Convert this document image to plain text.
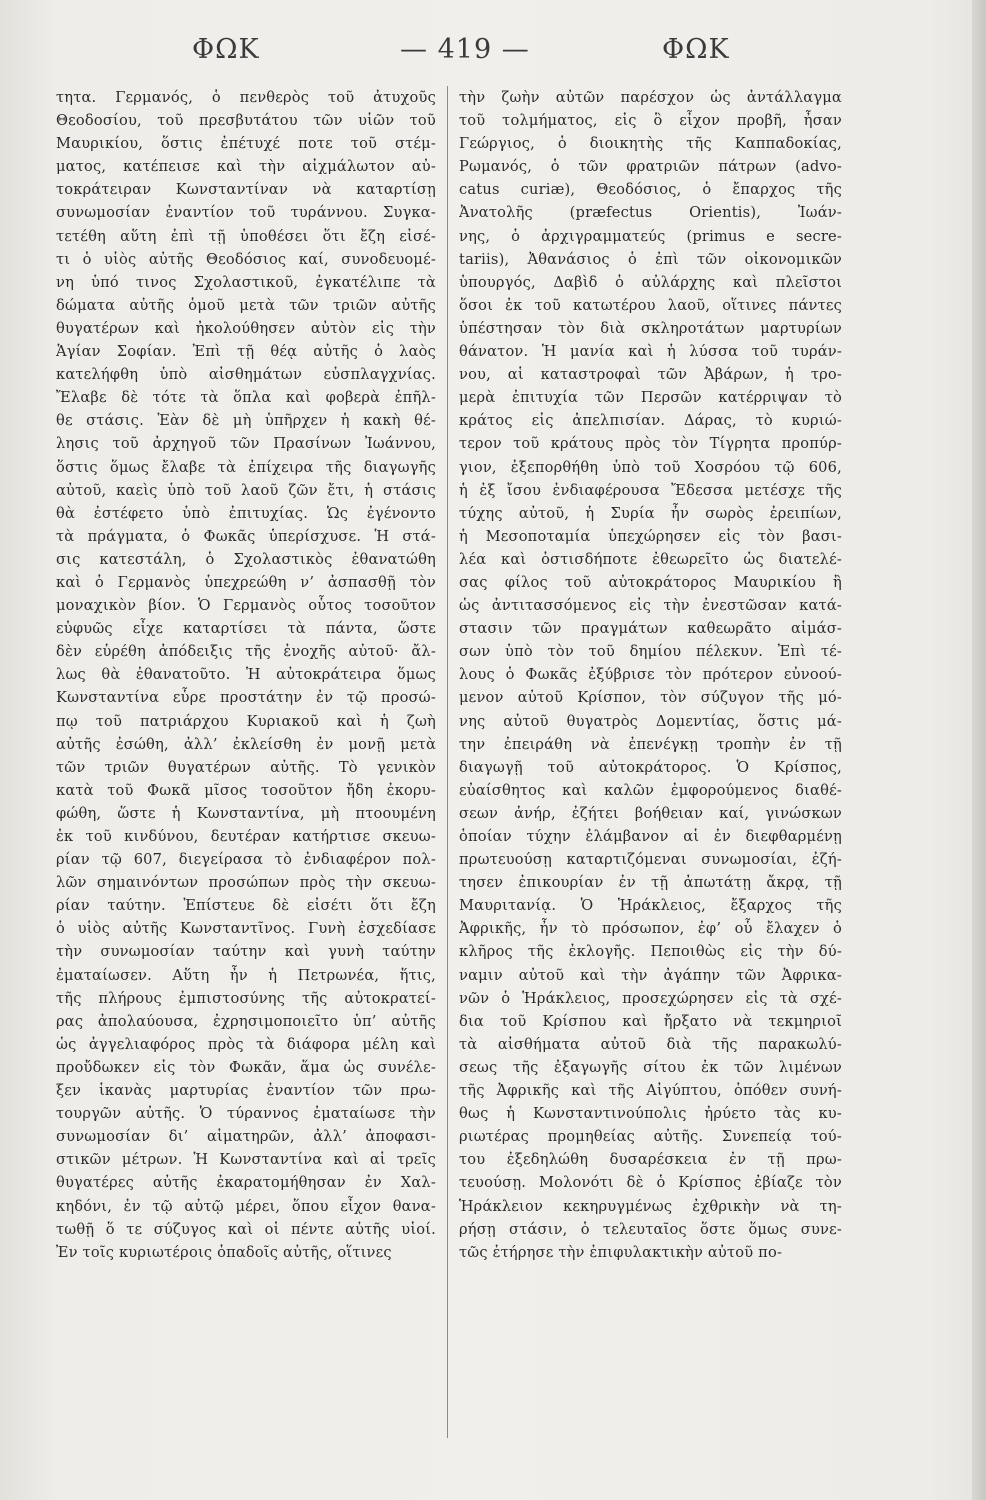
ΦΩΚ	— 419 —	ΦΩΚ
τητα. Γερμανός, ὁ πενθερὸς τοῦ ἀτυχοῦς
Θεοδοσίου, τοῦ πρεσβυτάτου τῶν υἱῶν τοῦ
Μαυρικίου, ὅστις ἐπέτυχέ ποτε τοῦ στέμ-
ματος, κατέπεισε καὶ τὴν αἰχμάλωτον αὐ-
τοκράτειραν Κωνσταντίναν νὰ καταρτίσῃ
συνωμοσίαν ἐναντίον τοῦ τυράννου. Συγκα-
τετέθη αὕτη ἐπὶ τῇ ὑποθέσει ὅτι ἔζη εἰσέ-
τι ὁ υἱὸς αὐτῆς Θεοδόσιος καί, συνοδευομέ-
νη ὑπό τινος Σχολαστικοῦ, ἐγκατέλιπε τὰ
δώματα αὐτῆς ὁμοῦ μετὰ τῶν τριῶν αὐτῆς
θυγατέρων καὶ ἠκολούθησεν αὐτὸν εἰς τὴν
Ἁγίαν Σοφίαν. Ἐπὶ τῇ θέᾳ αὐτῆς ὁ λαὸς
κατελήφθη ὑπὸ αἰσθημάτων εὐσπλαγχνίας.
Ἔλαβε δὲ τότε τὰ ὅπλα καὶ φοβερὰ ἐπῆλ-
θε στάσις. Ἐὰν δὲ μὴ ὑπῆρχεν ἡ κακὴ θέ-
λησις τοῦ ἀρχηγοῦ τῶν Πρασίνων Ἰωάννου,
ὅστις ὅμως ἔλαβε τὰ ἐπίχειρα τῆς διαγωγῆς
αὐτοῦ, καεὶς ὑπὸ τοῦ λαοῦ ζῶν ἔτι, ἡ στάσις
θὰ ἐστέφετο ὑπὸ ἐπιτυχίας. Ὡς ἐγένοντο
τὰ πράγματα, ὁ Φωκᾶς ὑπερίσχυσε. Ἡ στά-
σις κατεστάλη, ὁ Σχολαστικὸς ἐθανατώθη
καὶ ὁ Γερμανὸς ὑπεχρεώθη ν’ ἀσπασθῇ τὸν
μοναχικὸν βίον. Ὁ Γερμανὸς οὗτος τοσοῦτον
εὐφυῶς εἶχε καταρτίσει τὰ πάντα, ὥστε
δὲν εὑρέθη ἀπόδειξις τῆς ἐνοχῆς αὐτοῦ· ἄλ-
λως θὰ ἐθανατοῦτο. Ἡ αὐτοκράτειρα ὅμως
Κωνσταντίνα εὗρε προστάτην ἐν τῷ προσώ-
πῳ τοῦ πατριάρχου Κυριακοῦ καὶ ἡ ζωὴ
αὐτῆς ἐσώθη, ἀλλ’ ἐκλείσθη ἐν μονῇ μετὰ
τῶν τριῶν θυγατέρων αὐτῆς. Τὸ γενικὸν
κατὰ τοῦ Φωκᾶ μῖσος τοσοῦτον ἤδη ἐκορυ-
φώθη, ὥστε ἡ Κωνσταντίνα, μὴ πτοουμένη
ἐκ τοῦ κινδύνου, δευτέραν κατήρτισε σκευω-
ρίαν τῷ 607, διεγείρασα τὸ ἐνδιαφέρον πολ-
λῶν σημαινόντων προσώπων πρὸς τὴν σκευω-
ρίαν ταύτην. Ἐπίστευε δὲ εἰσέτι ὅτι ἔζη
ὁ υἱὸς αὐτῆς Κωνσταντῖνος. Γυνὴ ἐσχεδίασε
τὴν συνωμοσίαν ταύτην καὶ γυνὴ ταύτην
ἐματαίωσεν. Αὕτη ἦν ἡ Πετρωνέα, ἥτις,
τῆς πλήρους ἐμπιστοσύνης τῆς αὐτοκρατεί-
ρας ἀπολαύουσα, ἐχρησιμοποιεῖτο ὑπ’ αὐτῆς
ὡς ἀγγελιαφόρος πρὸς τὰ διάφορα μέλη καὶ
προὔδωκεν εἰς τὸν Φωκᾶν, ἅμα ὡς συνέλε-
ξεν ἱκανὰς μαρτυρίας ἐναντίον τῶν πρω-
τουργῶν αὐτῆς. Ὁ τύραννος ἐματαίωσε τὴν
συνωμοσίαν δι’ αἱματηρῶν, ἀλλ’ ἀποφασι-
στικῶν μέτρων. Ἡ Κωνσταντίνα καὶ αἱ τρεῖς
θυγατέρες αὐτῆς ἐκαρατομήθησαν ἐν Χαλ-
κηδόνι, ἐν τῷ αὐτῷ μέρει, ὅπου εἶχον θανα-
τωθῇ ὅ τε σύζυγος καὶ οἱ πέντε αὐτῆς υἱοί.
Ἐν τοῖς κυριωτέροις ὀπαδοῖς αὐτῆς, οἵτινες
τὴν ζωὴν αὐτῶν παρέσχον ὡς ἀντάλλαγμα
τοῦ τολμήματος, εἰς ὃ εἶχον προβῆ, ἦσαν
Γεώργιος, ὁ διοικητὴς τῆς Καππαδοκίας,
Ρωμανός, ὁ τῶν φρατριῶν πάτρων (advo-
catus curiæ), Θεοδόσιος, ὁ ἔπαρχος τῆς
Ἀνατολῆς (præfectus Orientis), Ἰωάν-
νης, ὁ ἀρχιγραμματεύς (primus e secre-
tariis), Ἀθανάσιος ὁ ἐπὶ τῶν οἰκονομικῶν
ὑπουργός, Δαβὶδ ὁ αὐλάρχης καὶ πλεῖστοι
ὅσοι ἐκ τοῦ κατωτέρου λαοῦ, οἵτινες πάντες
ὑπέστησαν τὸν διὰ σκληροτάτων μαρτυρίων
θάνατον. Ἡ μανία καὶ ἡ λύσσα τοῦ τυράν-
νου, αἱ καταστροφαὶ τῶν Ἀβάρων, ἡ τρο-
μερὰ ἐπιτυχία τῶν Περσῶν κατέρριψαν τὸ
κράτος εἰς ἀπελπισίαν. Δάρας, τὸ κυριώ-
τερον τοῦ κράτους πρὸς τὸν Τίγρητα προπύρ-
γιον, ἐξεπορθήθη ὑπὸ τοῦ Χοσρόου τῷ 606,
ἡ ἐξ ἴσου ἐνδιαφέρουσα Ἔδεσσα μετέσχε τῆς
τύχης αὐτοῦ, ἡ Συρία ἦν σωρὸς ἐρειπίων,
ἡ Μεσοποταμία ὑπεχώρησεν εἰς τὸν βασι-
λέα καὶ ὁστισδήποτε ἐθεωρεῖτο ὡς διατελέ-
σας φίλος τοῦ αὐτοκράτορος Μαυρικίου ἢ
ὡς ἀντιτασσόμενος εἰς τὴν ἐνεστῶσαν κατά-
στασιν τῶν πραγμάτων καθεωρᾶτο αἱμάσ-
σων ὑπὸ τὸν τοῦ δημίου πέλεκυν. Ἐπὶ τέ-
λους ὁ Φωκᾶς ἐξύβρισε τὸν πρότερον εὐνοού-
μενον αὐτοῦ Κρίσπον, τὸν σύζυγον τῆς μό-
νης αὐτοῦ θυγατρὸς Δομεντίας, ὅστις μά-
την ἐπειράθη νὰ ἐπενέγκῃ τροπὴν ἐν τῇ
διαγωγῇ τοῦ αὐτοκράτορος. Ὁ Κρίσπος,
εὐαίσθητος καὶ καλῶν ἐμφορούμενος διαθέ-
σεων ἀνήρ, ἐζήτει βοήθειαν καί, γινώσκων
ὁποίαν τύχην ἐλάμβανον αἱ ἐν διεφθαρμένῃ
πρωτευούσῃ καταρτιζόμεναι συνωμοσίαι, ἐζή-
τησεν ἐπικουρίαν ἐν τῇ ἀπωτάτῃ ἄκρᾳ, τῇ
Μαυριτανίᾳ. Ὁ Ἡράκλειος, ἔξαρχος τῆς
Ἀφρικῆς, ἦν τὸ πρόσωπον, ἐφ’ οὗ ἔλαχεν ὁ
κλῆρος τῆς ἐκλογῆς. Πεποιθὼς εἰς τὴν δύ-
ναμιν αὐτοῦ καὶ τὴν ἀγάπην τῶν Ἀφρικα-
νῶν ὁ Ἡράκλειος, προσεχώρησεν εἰς τὰ σχέ-
δια τοῦ Κρίσπου καὶ ἤρξατο νὰ τεκμηριοῖ
τὰ αἰσθήματα αὐτοῦ διὰ τῆς παρακωλύ-
σεως τῆς ἐξαγωγῆς σίτου ἐκ τῶν λιμένων
τῆς Ἀφρικῆς καὶ τῆς Αἰγύπτου, ὁπόθεν συνή-
θως ἡ Κωνσταντινούπολις ἠρύετο τὰς κυ-
ριωτέρας προμηθείας αὐτῆς. Συνεπείᾳ τού-
του ἐξεδηλώθη δυσαρέσκεια ἐν τῇ πρω-
τευούσῃ. Μολονότι δὲ ὁ Κρίσπος ἐβίαζε τὸν
Ἡράκλειον κεκηρυγμένως ἐχθρικὴν νὰ τη-
ρήσῃ στάσιν, ὁ τελευταῖος ὅστε ὅμως συνε-
τῶς ἐτήρησε τὴν ἐπιφυλακτικὴν αὐτοῦ πο-
